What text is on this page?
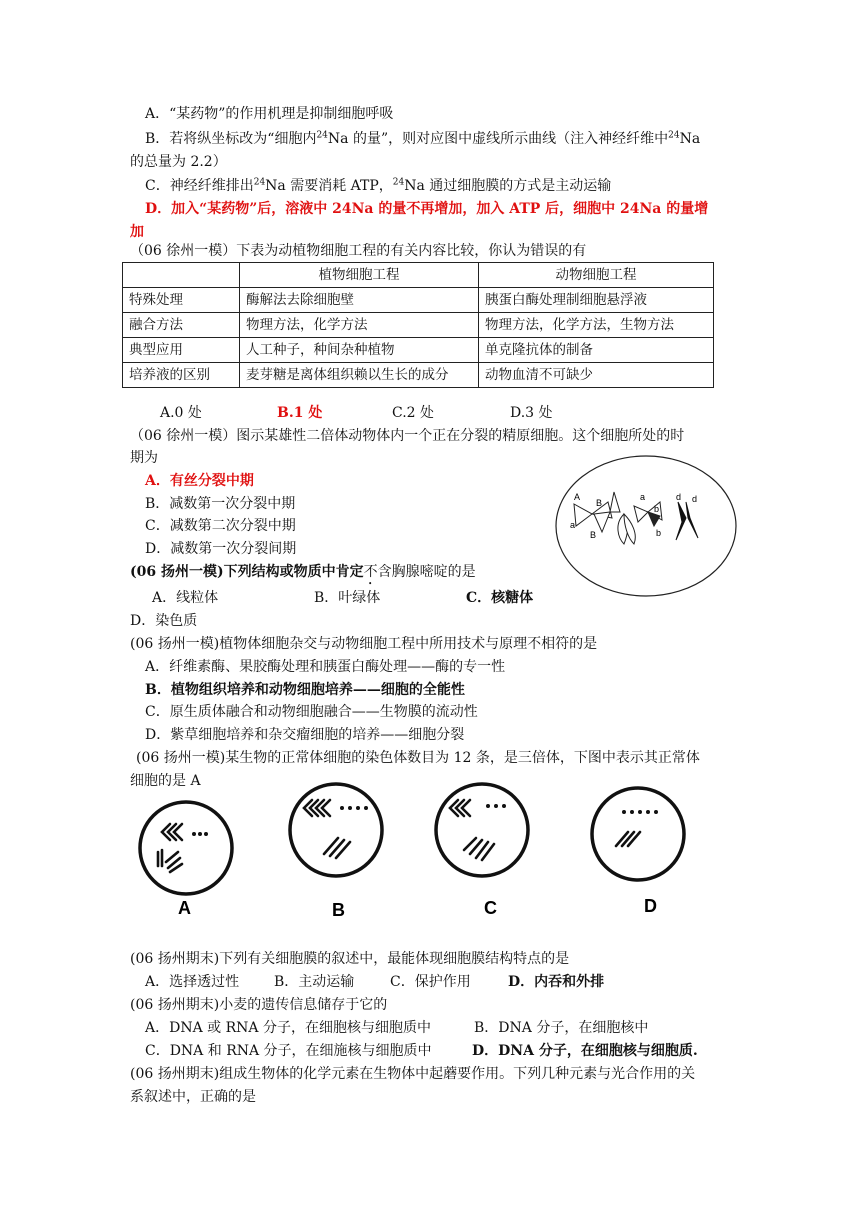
A．“某药物”的作用机理是抑制细胞呼吸
B．若将纵坐标改为“细胞内$^{24}$Na 的量”，则对应图中虚线所示曲线（注入神经纤维中$^{24}$Na
的总量为 2.2）
C．神经纤维排出$^{24}$Na 需要消耗 ATP，$^{24}$Na 通过细胞膜的方式是主动运输
D．加入“某药物”后，溶液中 24Na 的量不再增加，加入 ATP 后，细胞中 24Na 的量增
加
（06 徐州一模）下表为动植物细胞工程的有关内容比较，你认为错误的有
	植物细胞工程	动物细胞工程
特殊处理	酶解法去除细胞壁	胰蛋白酶处理制细胞悬浮液
融合方法	物理方法，化学方法	物理方法，化学方法，生物方法
典型应用	人工种子，种间杂种植物	单克隆抗体的制备
培养液的区别	麦芽糖是离体组织赖以生长的成分	动物血清不可缺少
A.0 处	B.1 处	C.2 处	D.3 处
（06 徐州一模）图示某雄性二倍体动物体内一个正在分裂的精原细胞。这个细胞所处的时
期为
A．有丝分裂中期
B．减数第一次分裂中期
C．减数第二次分裂中期
D．减数第一次分裂间期
A
a
B
B
a
b
b
d d
(06 扬州一模)下列结构或物质中肯定不含胸腺嘧啶的是
A．线粒体	B．叶绿体	C．核糖体
D．染色质
(06 扬州一模)植物体细胞杂交与动物细胞工程中所用技术与原理不相符的是
A．纤维素酶、果胶酶处理和胰蛋白酶处理——酶的专一性
B．植物组织培养和动物细胞培养——细胞的全能性
C．原生质体融合和动物细胞融合——生物膜的流动性
D．紫草细胞培养和杂交瘤细胞的培养——细胞分裂
(06 扬州一模)某生物的正常体细胞的染色体数目为 12 条，是三倍体，下图中表示其正常体
细胞的是 A
A	B	C	D
(06 扬州期末)下列有关细胞膜的叙述中，最能体现细胞膜结构特点的是
A．选择透过性 B．主动运输	C．保护作用	D．内吞和外排
(06 扬州期末)小麦的遗传信息储存于它的
A．DNA 或 RNA 分子，在细胞核与细胞质中	B．DNA 分子，在细胞核中
C．DNA 和 RNA 分子，在细施核与细胞质中	D．DNA 分子，在细胞核与细胞质.
(06 扬州期末)组成生物体的化学元素在生物体中起蘑要作用。下列几种元素与光合作用的关
系叙述中，正确的是
